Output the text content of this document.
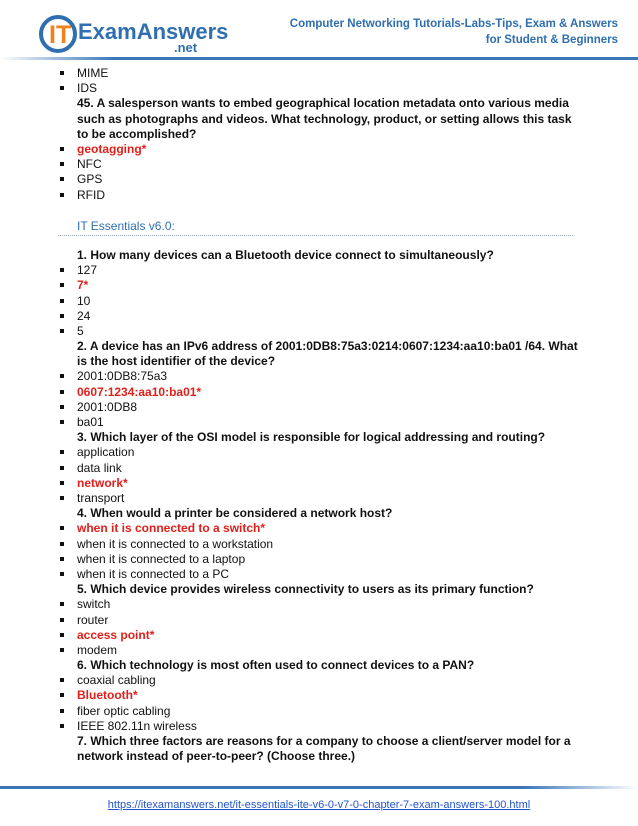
IT ExamAnswers
.net
Computer Networking Tutorials-Labs-Tips, Exam & Answers
for Student & Beginners
MIME
IDS
45. A salesperson wants to embed geographical location metadata onto various media such as photographs and videos. What technology, product, or setting allows this task to be accomplished?
geotagging*
NFC
GPS
RFID
IT Essentials v6.0:
1. How many devices can a Bluetooth device connect to simultaneously?
127
7*
10
24
5
2. A device has an IPv6 address of 2001:0DB8:75a3:0214:0607:1234:aa10:ba01 /64. What is the host identifier of the device?
2001:0DB8:75a3
0607:1234:aa10:ba01*
2001:0DB8
ba01
3. Which layer of the OSI model is responsible for logical addressing and routing?
application
data link
network*
transport
4. When would a printer be considered a network host?
when it is connected to a switch*
when it is connected to a workstation
when it is connected to a laptop
when it is connected to a PC
5. Which device provides wireless connectivity to users as its primary function?
switch
router
access point*
modem
6. Which technology is most often used to connect devices to a PAN?
coaxial cabling
Bluetooth*
fiber optic cabling
IEEE 802.11n wireless
7. Which three factors are reasons for a company to choose a client/server model for a network instead of peer-to-peer? (Choose three.)
https://itexamanswers.net/it-essentials-ite-v6-0-v7-0-chapter-7-exam-answers-100.html
